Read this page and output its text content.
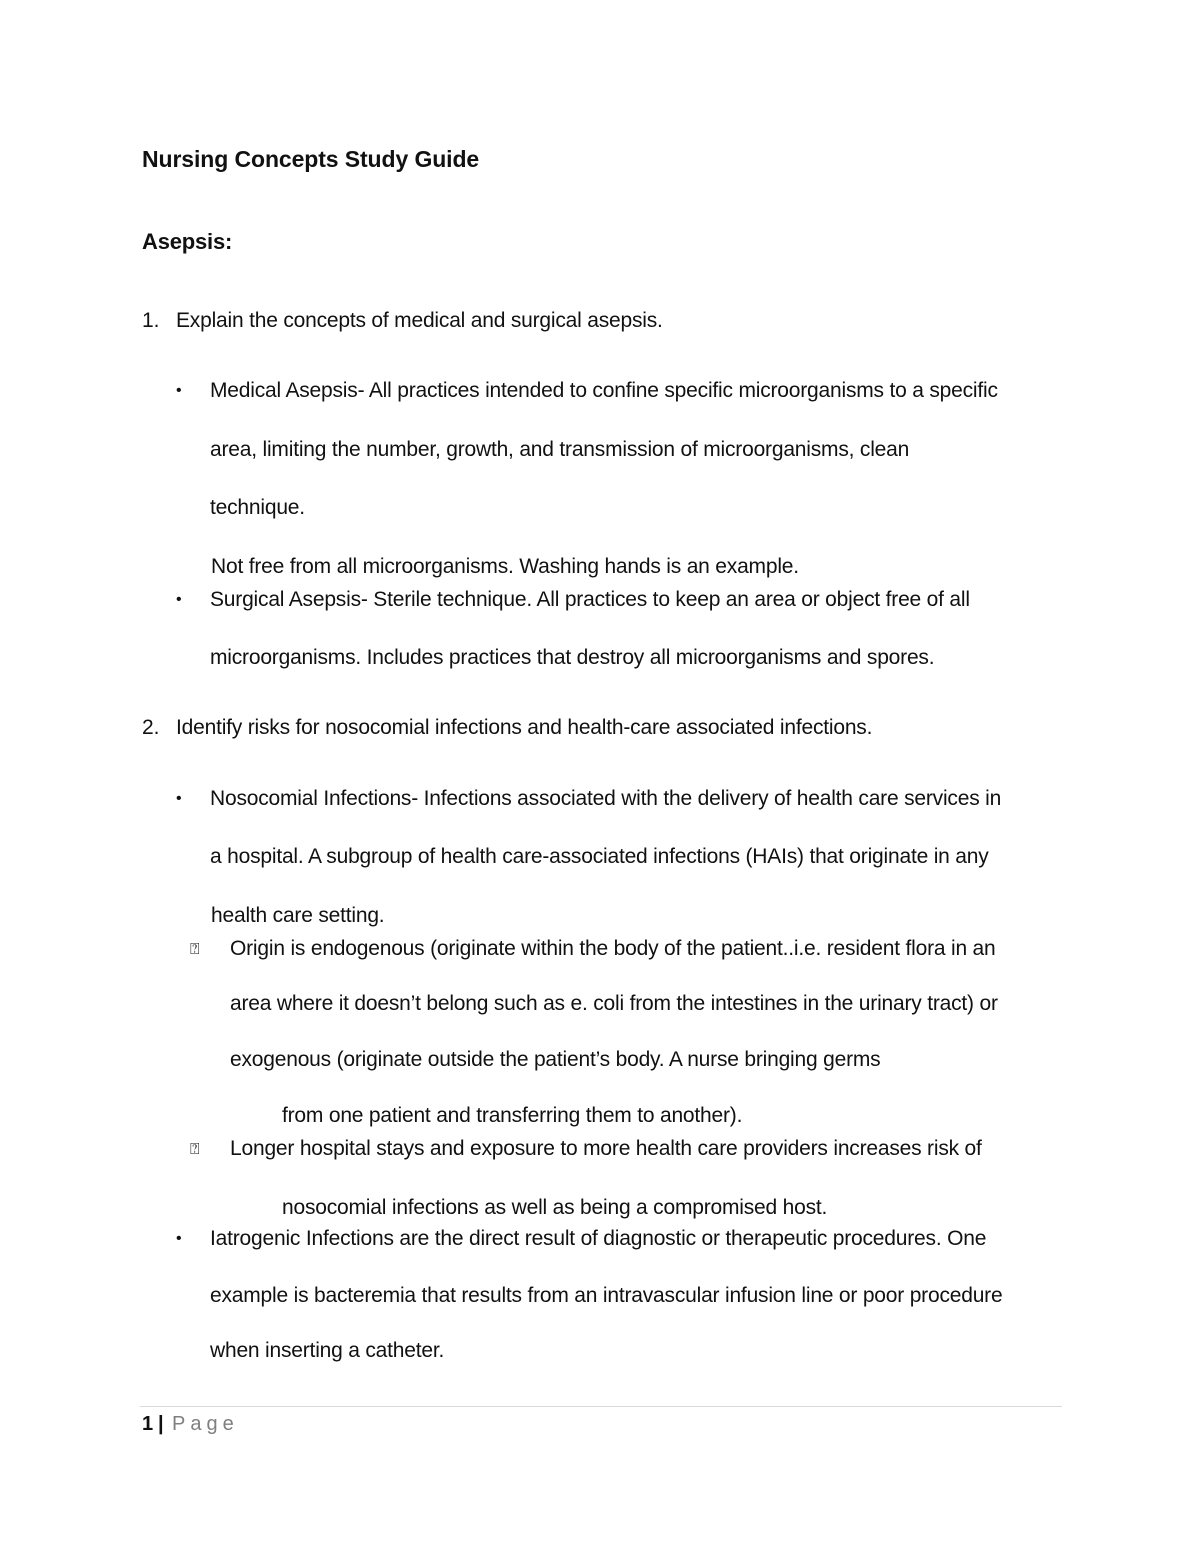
Nursing Concepts Study Guide
Asepsis:
1. Explain the concepts of medical and surgical asepsis.
• Medical Asepsis- All practices intended to confine specific microorganisms to a specific
area, limiting the number, growth, and transmission of microorganisms, clean
technique.
Not free from all microorganisms. Washing hands is an example.
• Surgical Asepsis- Sterile technique. All practices to keep an area or object free of all
microorganisms. Includes practices that destroy all microorganisms and spores.
2. Identify risks for nosocomial infections and health-care associated infections.
• Nosocomial Infections- Infections associated with the delivery of health care services in
a hospital. A subgroup of health care-associated infections (HAIs) that originate in any
health care setting.
⍰ Origin is endogenous (originate within the body of the patient..i.e. resident flora in an
area where it doesn’t belong such as e. coli from the intestines in the urinary tract) or
exogenous (originate outside the patient’s body. A nurse bringing germs
from one patient and transferring them to another).
⍰ Longer hospital stays and exposure to more health care providers increases risk of
nosocomial infections as well as being a compromised host.
• Iatrogenic Infections are the direct result of diagnostic or therapeutic procedures. One
example is bacteremia that results from an intravascular infusion line or poor procedure
when inserting a catheter.
1 | Page
